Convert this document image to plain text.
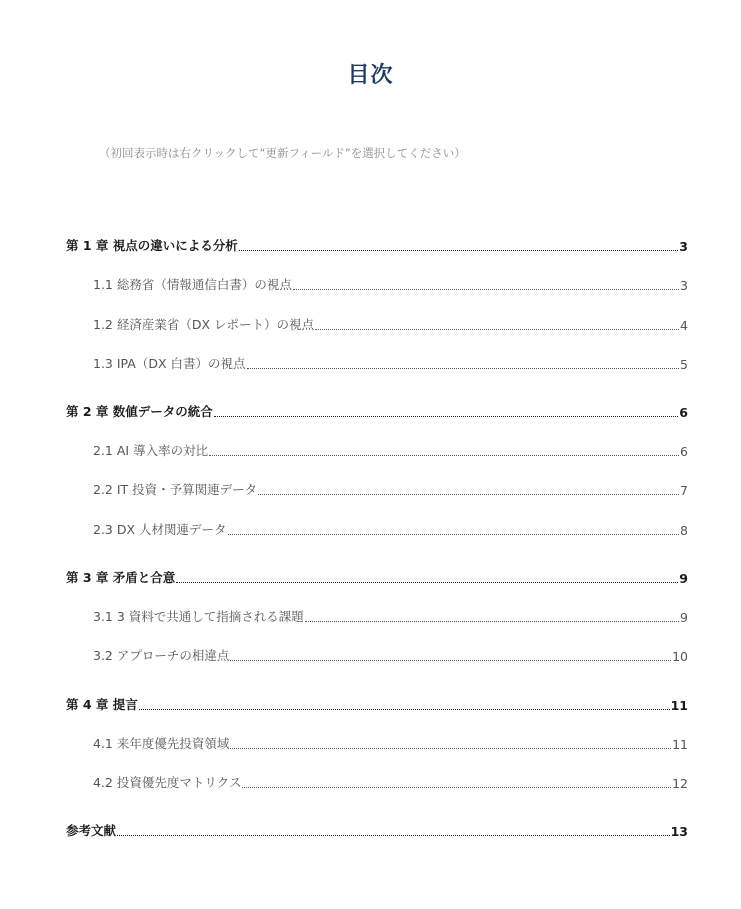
目次
（初回表示時は右クリックして“更新フィールド”を選択してください）
第 1 章 視点の違いによる分析	3
1.1 総務省（情報通信白書）の視点	3
1.2 経済産業省（DX レポート）の視点	4
1.3 IPA（DX 白書）の視点	5
第 2 章 数値データの統合	6
2.1 AI 導入率の対比	6
2.2 IT 投資・予算関連データ	7
2.3 DX 人材関連データ	8
第 3 章 矛盾と合意	9
3.1 3 資料で共通して指摘される課題	9
3.2 アプローチの相違点	10
第 4 章 提言	11
4.1 来年度優先投資領域	11
4.2 投資優先度マトリクス	12
参考文献	13
